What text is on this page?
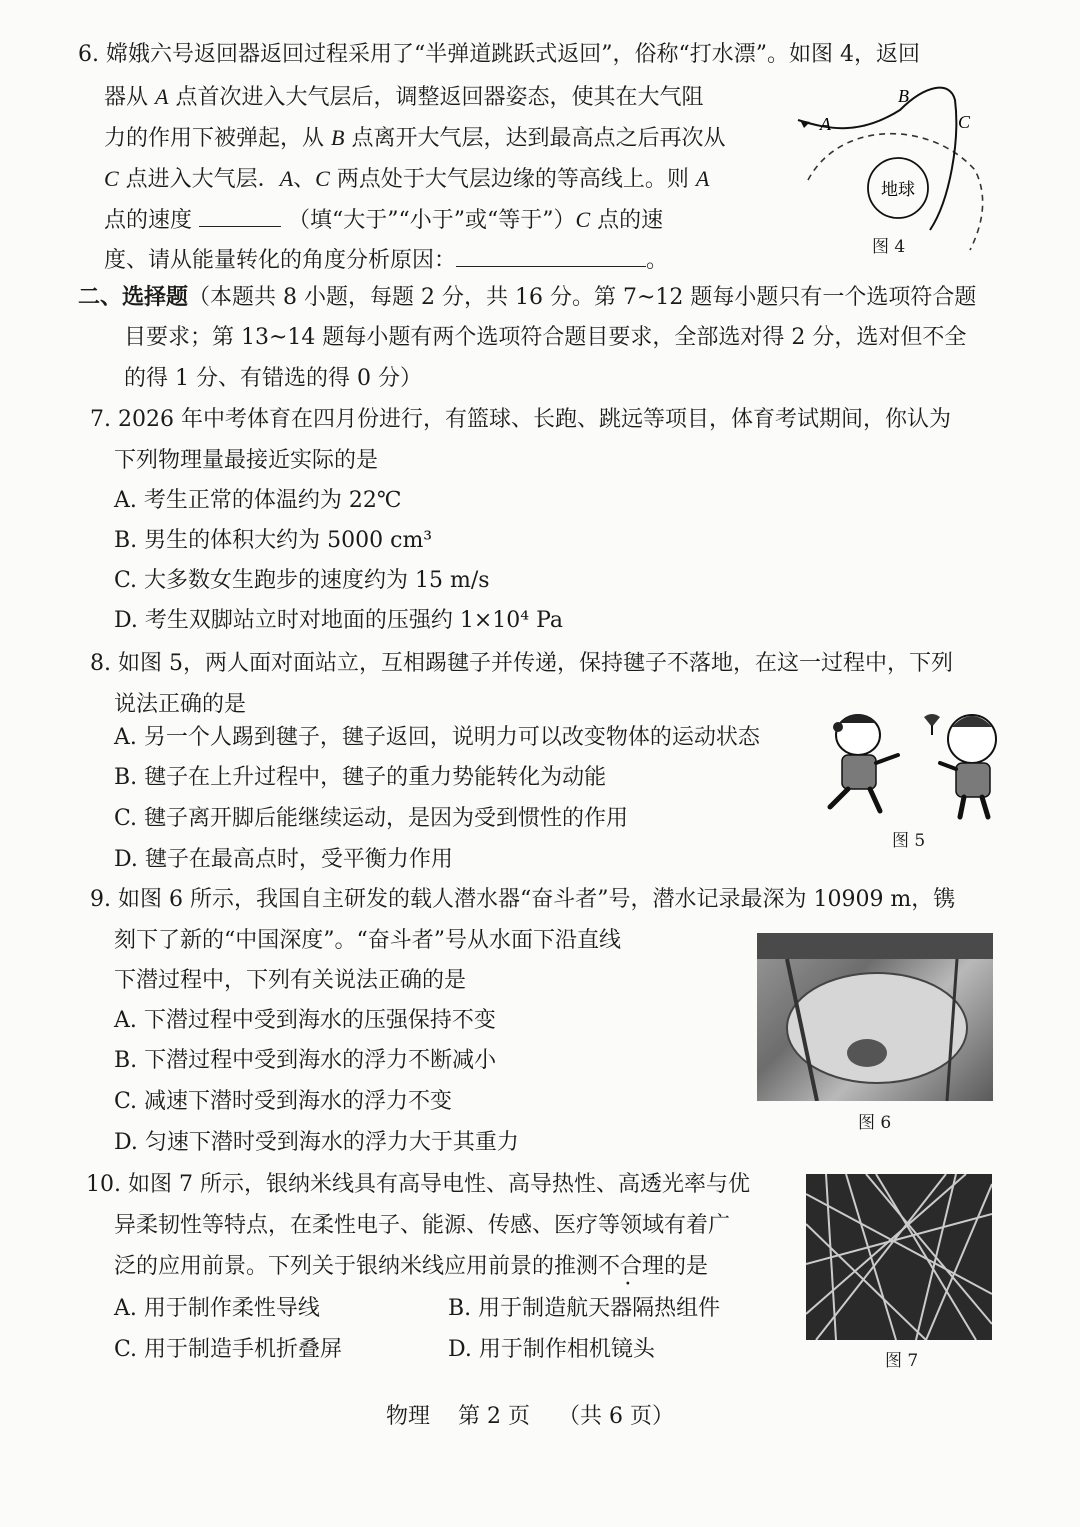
6. 嫦娥六号返回器返回过程采用了“半弹道跳跃式返回”，俗称“打水漂”。如图 4，返回
器从 A 点首次进入大气层后，调整返回器姿态，使其在大气阻
力的作用下被弹起，从 B 点离开大气层，达到最高点之后再次从
C 点进入大气层．A、C 两点处于大气层边缘的等高线上。则 A
点的速度	（填“大于”“小于”或“等于”）C 点的速
度、请从能量转化的角度分析原因：	。
地球
A
B
C
图 4
二、选择题（本题共 8 小题，每题 2 分，共 16 分。第 7~12 题每小题只有一个选项符合题
目要求；第 13~14 题每小题有两个选项符合题目要求，全部选对得 2 分，选对但不全
的得 1 分、有错选的得 0 分）
7. 2026 年中考体育在四月份进行，有篮球、长跑、跳远等项目，体育考试期间，你认为
下列物理量最接近实际的是
A. 考生正常的体温约为 22℃
B. 男生的体积大约为 5000 cm³
C. 大多数女生跑步的速度约为 15 m/s
D. 考生双脚站立时对地面的压强约 1×10⁴ Pa
8. 如图 5，两人面对面站立，互相踢毽子并传递，保持毽子不落地，在这一过程中，下列
说法正确的是
A. 另一个人踢到毽子，毽子返回，说明力可以改变物体的运动状态
B. 毽子在上升过程中，毽子的重力势能转化为动能
C. 毽子离开脚后能继续运动，是因为受到惯性的作用
D. 毽子在最高点时，受平衡力作用
图 5
9. 如图 6 所示，我国自主研发的载人潜水器“奋斗者”号，潜水记录最深为 10909 m，镌
刻下了新的“中国深度”。“奋斗者”号从水面下沿直线
下潜过程中，下列有关说法正确的是
A. 下潜过程中受到海水的压强保持不变
B. 下潜过程中受到海水的浮力不断减小
C. 减速下潜时受到海水的浮力不变
D. 匀速下潜时受到海水的浮力大于其重力
图 6
10. 如图 7 所示，银纳米线具有高导电性、高导热性、高透光率与优
异柔韧性等特点，在柔性电子、能源、传感、医疗等领域有着广
泛的应用前景。下列关于银纳米线应用前景的推测不合理的是
A. 用于制作柔性导线	B. 用于制造航天器隔热组件
C. 用于制造手机折叠屏	D. 用于制作相机镜头	图 7
物理 第 2 页 （共 6 页）
